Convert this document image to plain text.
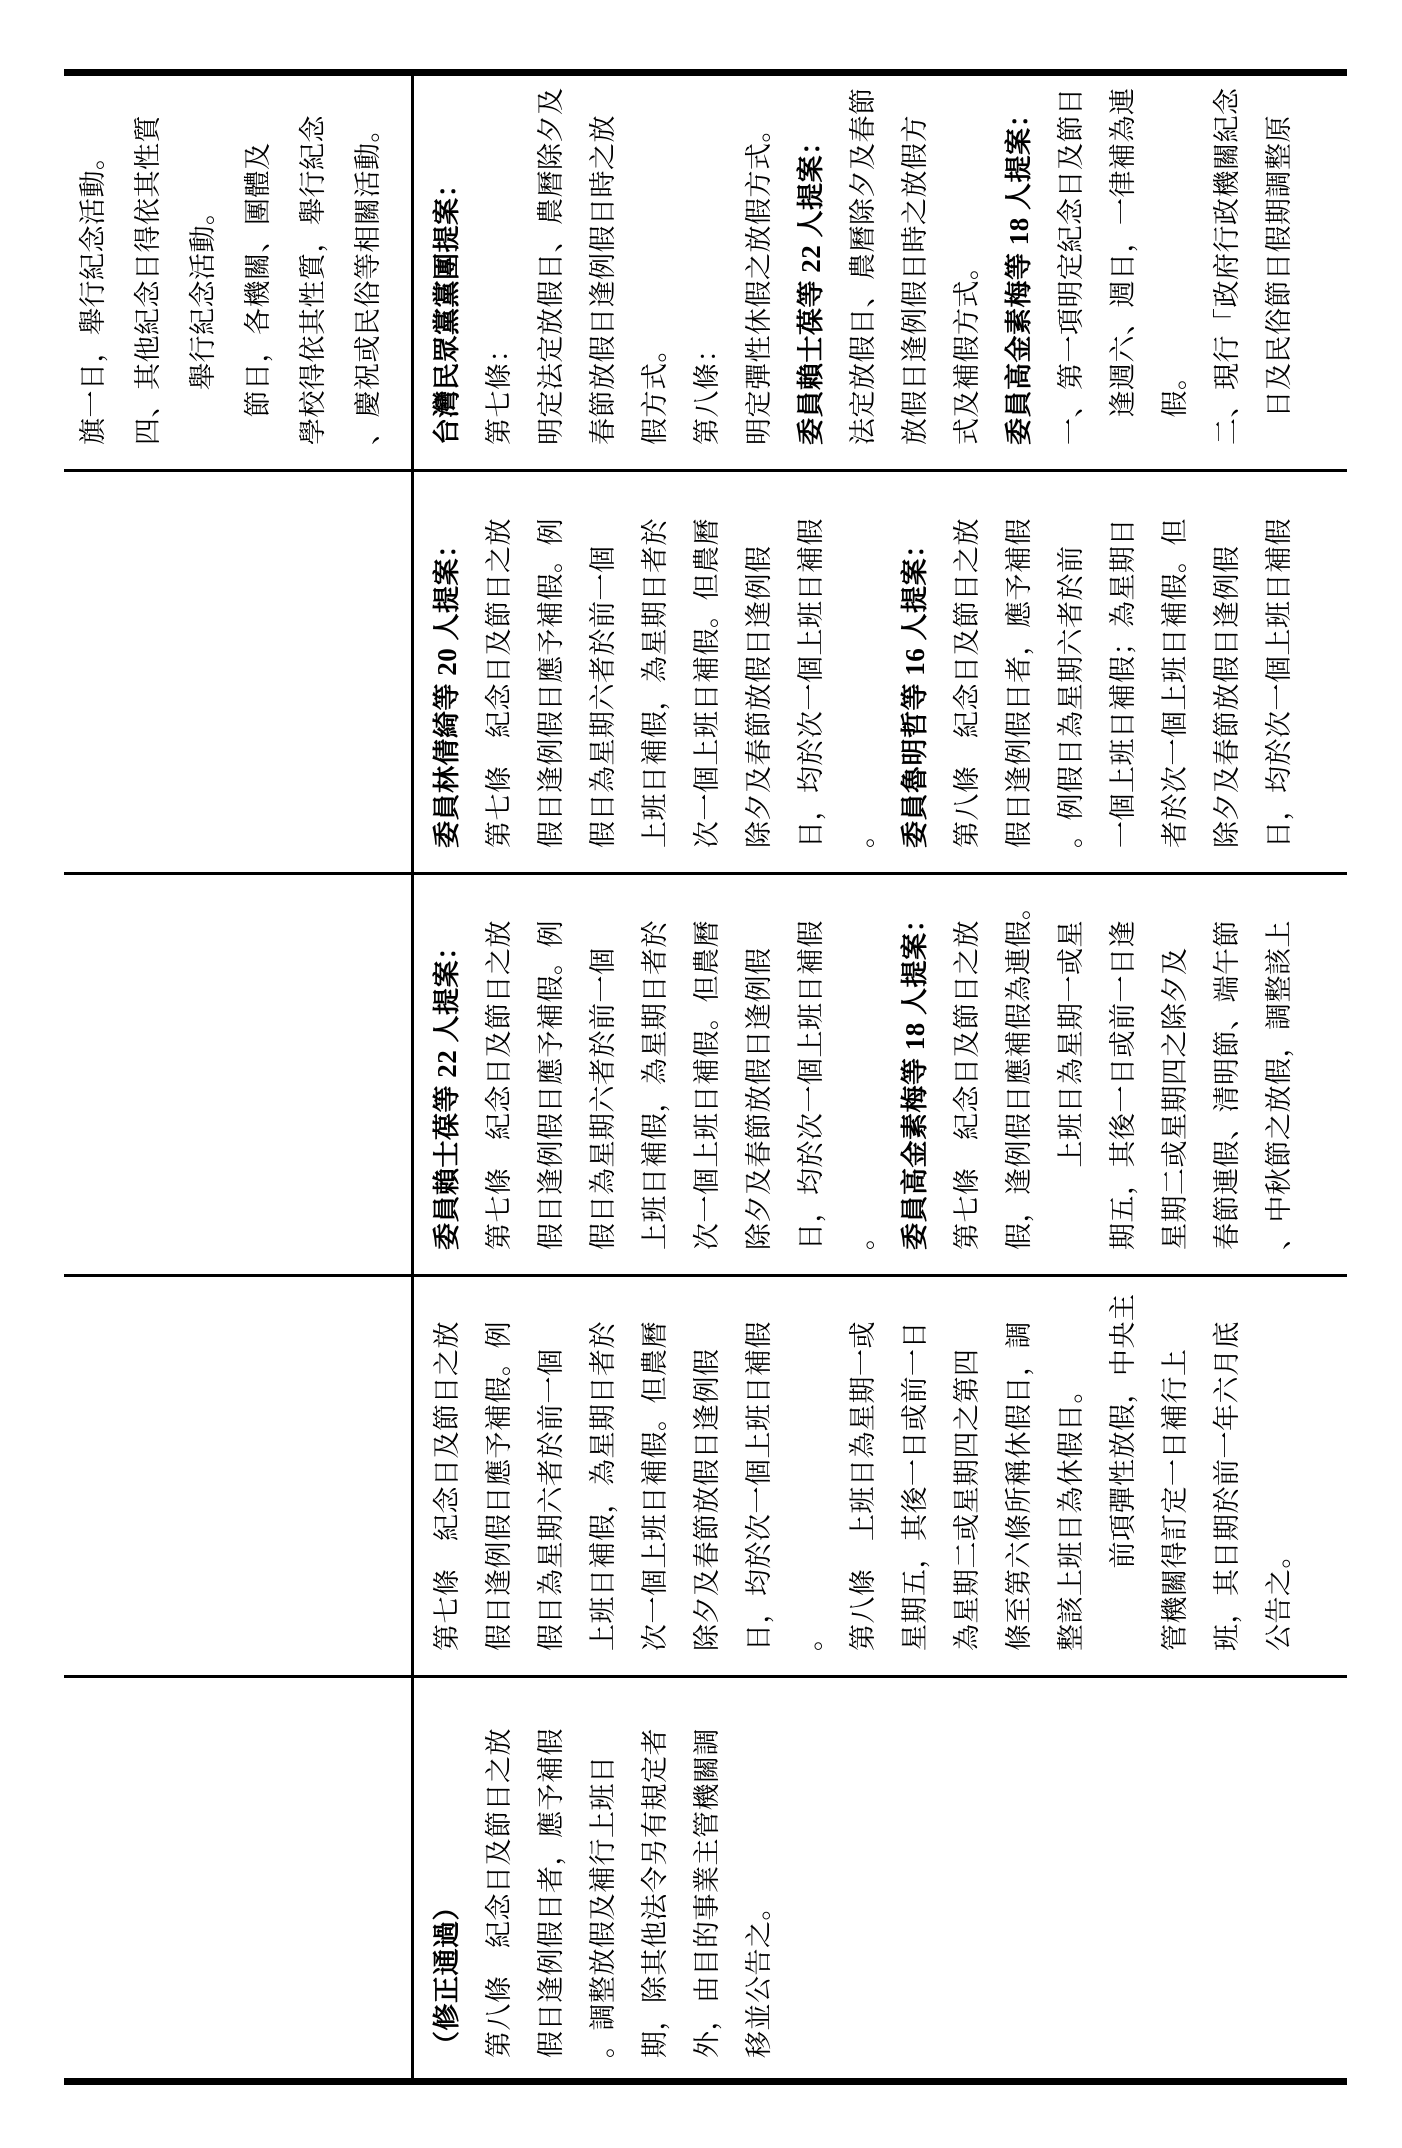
旗一日，舉行紀念活動。 四、其他紀念日得依其性質 舉行紀念活動。 節日，各機關、團體及 學校得依其性質，舉行紀念 、慶祝或民俗等相關活動。	台灣民眾黨黨團提案： 第七條： 明定法定放假日、農曆除夕及 春節放假日逢例假日時之放 假方式。 第八條： 明定彈性休假之放假方式。 委員賴士葆等 22 人提案： 法定放假日、農曆除夕及春節 放假日逢例假日時之放假方 式及補假方式。 委員高金素梅等 18 人提案： 一、第一項明定紀念日及節日 逢週六、週日，一律補為連 假。 二、現行「政府行政機關紀念 日及民俗節日假期調整原
委員林倩綺等 20 人提案： 第七條　紀念日及節日之放 假日逢例假日應予補假。例 假日為星期六者於前一個 上班日補假，為星期日者於 次一個上班日補假。但農曆 除夕及春節放假日逢例假 日，均於次一個上班日補假 。 委員魯明哲等 16 人提案： 第八條　紀念日及節日之放 假日逢例假日者，應予補假 。例假日為星期六者於前 一個上班日補假；為星期日 者於次一個上班日補假。但 除夕及春節放假日逢例假 日，均於次一個上班日補假
委員賴士葆等 22 人提案： 第七條　紀念日及節日之放 假日逢例假日應予補假。例 假日為星期六者於前一個 上班日補假，為星期日者於 次一個上班日補假。但農曆 除夕及春節放假日逢例假 日，均於次一個上班日補假 。 委員高金素梅等 18 人提案： 第七條　紀念日及節日之放 假，逢例假日應補假為連假。 上班日為星期一或星 期五，其後一日或前一日逢 星期二或星期四之除夕及 春節連假、清明節、端午節 、中秋節之放假，調整該上
第七條　紀念日及節日之放 假日逢例假日應予補假。例 假日為星期六者於前一個 上班日補假，為星期日者於 次一個上班日補假。但農曆 除夕及春節放假日逢例假 日，均於次一個上班日補假 。 第八條　上班日為星期一或 星期五，其後一日或前一日 為星期二或星期四之第四 條至第六條所稱休假日，調 整該上班日為休假日。 前項彈性放假，中央主 管機關得訂定一日補行上 班，其日期於前一年六月底 公告之。
（修正通過） 第八條　紀念日及節日之放 假日逢例假日者，應予補假 。調整放假及補行上班日 期，除其他法令另有規定者 外，由目的事業主管機關調 移並公告之。
